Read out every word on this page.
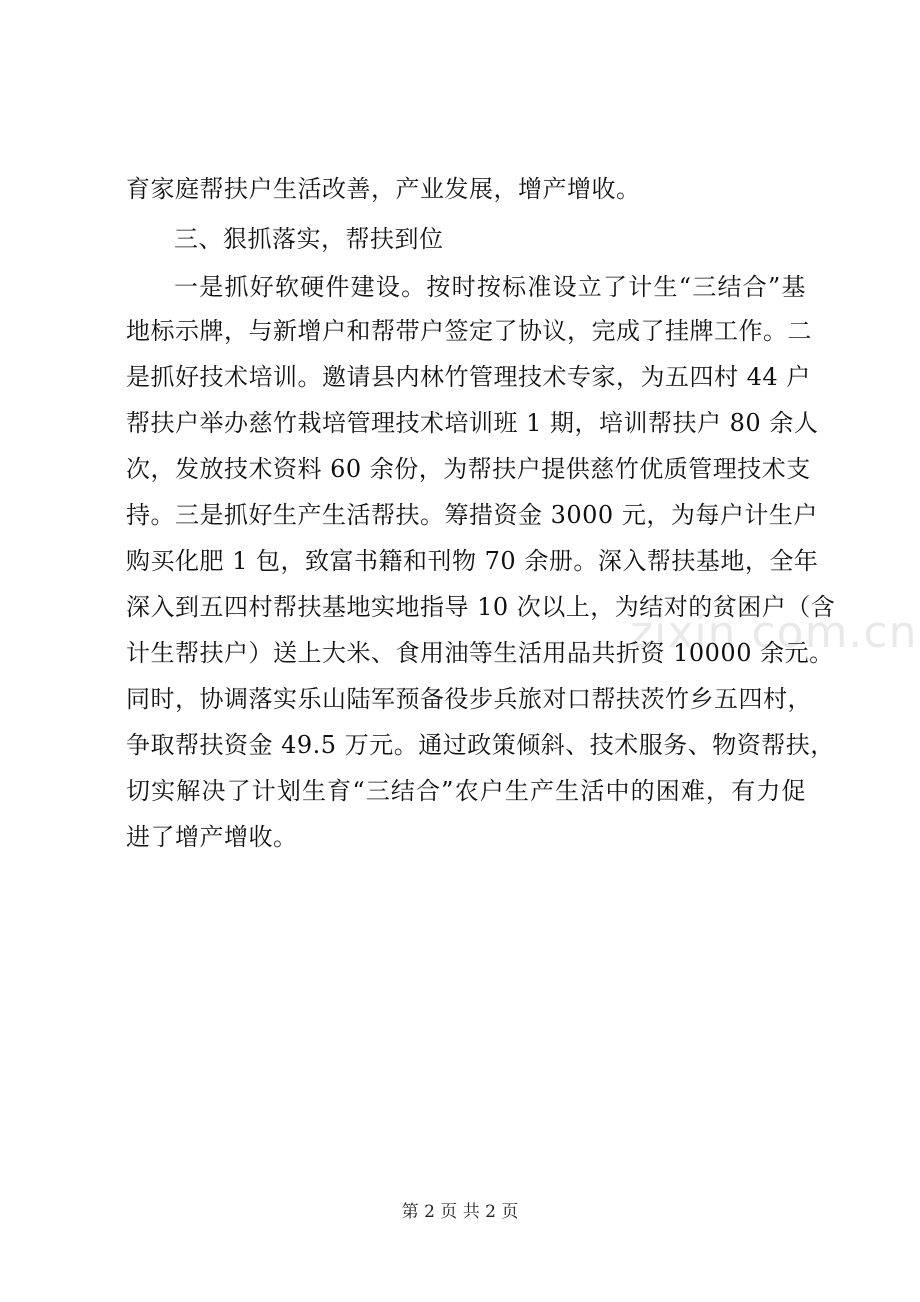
zixin.com.cn
育家庭帮扶户生活改善，产业发展，增产增收。
三、狠抓落实，帮扶到位
一是抓好软硬件建设。按时按标准设立了计生“三结合”基
地标示牌，与新增户和帮带户签定了协议，完成了挂牌工作。二
是抓好技术培训。邀请县内林竹管理技术专家，为五四村 44 户
帮扶户举办慈竹栽培管理技术培训班 1 期，培训帮扶户 80 余人
次，发放技术资料 60 余份，为帮扶户提供慈竹优质管理技术支
持。三是抓好生产生活帮扶。筹措资金 3000 元，为每户计生户
购买化肥 1 包，致富书籍和刊物 70 余册。深入帮扶基地，全年
深入到五四村帮扶基地实地指导 10 次以上，为结对的贫困户（含
计生帮扶户）送上大米、食用油等生活用品共折资 10000 余元。
同时，协调落实乐山陆军预备役步兵旅对口帮扶茨竹乡五四村，
争取帮扶资金 49.5 万元。通过政策倾斜、技术服务、物资帮扶，
切实解决了计划生育“三结合”农户生产生活中的困难，有力促
进了增产增收。
第 2 页 共 2 页
